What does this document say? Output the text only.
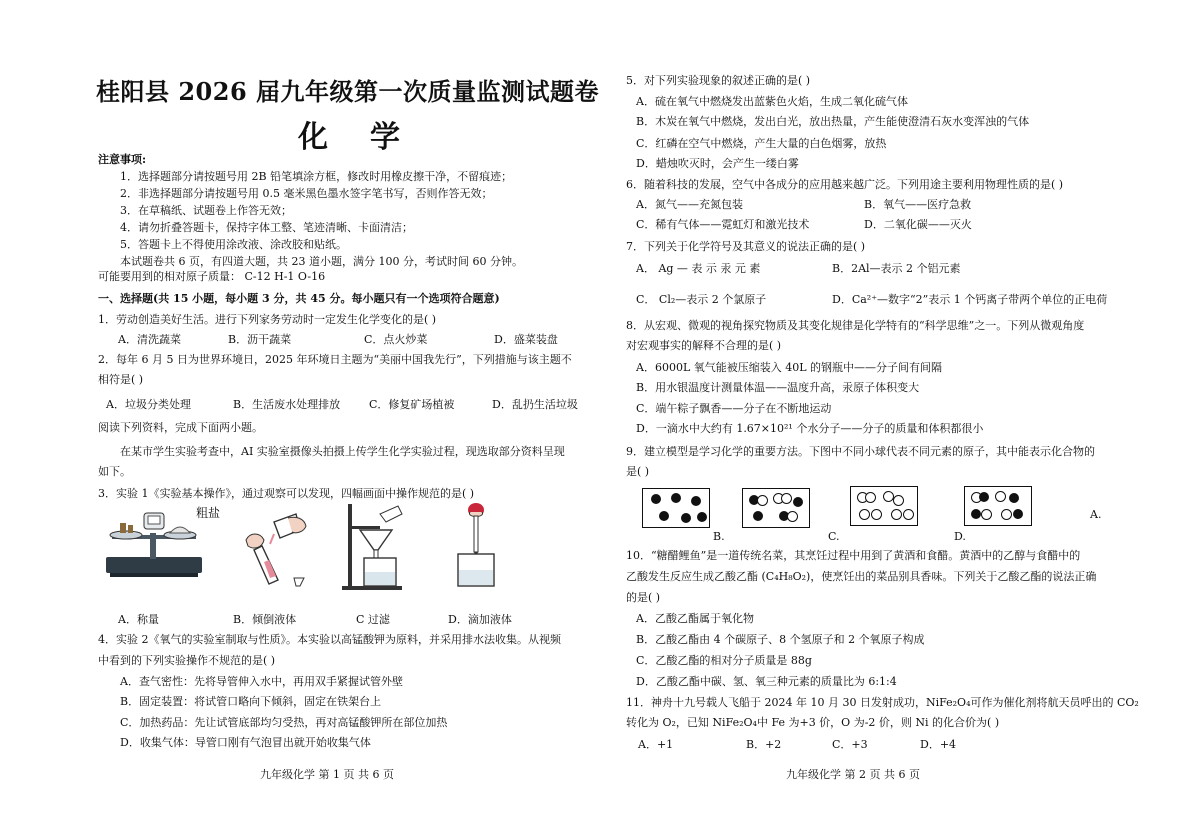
桂阳县 2026 届九年级第一次质量监测试题卷
化学
注意事项:
1．选择题部分请按题号用 2B 铅笔填涂方框，修改时用橡皮擦干净，不留痕迹；
2．非选择题部分请按题号用 0.5 毫米黑色墨水签字笔书写，否则作答无效；
3．在草稿纸、试题卷上作答无效；
4．请勿折叠答题卡，保持字体工整、笔迹清晰、卡面清洁；
5．答题卡上不得使用涂改液、涂改胶和贴纸。
本试题卷共 6 页，有四道大题，共 23 道小题，满分 100 分，考试时间 60 分钟。
可能要用到的相对原子质量： C-12 H-1 O-16
一、选择题(共 15 小题，每小题 3 分，共 45 分。每小题只有一个选项符合题意)
1．劳动创造美好生活。进行下列家务劳动时一定发生化学变化的是( )
A．清洗蔬菜	B．沥干蔬菜	C．点火炒菜	D．盛菜装盘
2．每年 6 月 5 日为世界环境日，2025 年环境日主题为“美丽中国我先行”，下列措施与该主题不
相符是( )
A．垃圾分类处理	B．生活废水处理排放	C．修复矿场植被	D．乱扔生活垃圾
阅读下列资料，完成下面两小题。
在某市学生实验考查中，AI 实验室摄像头拍摄上传学生化学实验过程，现选取部分资料呈现
如下。
3．实验 1《实验基本操作》，通过观察可以发现，四幅画面中操作规范的是( )
粗盐
A．称量	B．倾倒液体	C 过滤	D．滴加液体
4．实验 2《氧气的实验室制取与性质》。本实验以高锰酸钾为原料，并采用排水法收集。从视频
中看到的下列实验操作不规范的是( )
A．查气密性：先将导管伸入水中，再用双手紧握试管外壁
B．固定装置：将试管口略向下倾斜，固定在铁架台上
C．加热药品：先让试管底部均匀受热，再对高锰酸钾所在部位加热
D．收集气体：导管口刚有气泡冒出就开始收集气体
九年级化学 第 1 页 共 6 页
5．对下列实验现象的叙述正确的是( )
A．硫在氧气中燃烧发出蓝紫色火焰，生成二氧化硫气体
B．木炭在氧气中燃烧，发出白光，放出热量，产生能使澄清石灰水变浑浊的气体
C．红磷在空气中燃烧，产生大量的白色烟雾，放热
D．蜡烛吹灭时，会产生一缕白雾
6．随着科技的发展，空气中各成分的应用越来越广泛。下列用途主要利用物理性质的是( )
A．氮气——充氮包装	B．氧气——医疗急救
C．稀有气体——霓虹灯和激光技术	D．二氧化碳——灭火
7．下列关于化学符号及其意义的说法正确的是( )
A． Ag — 表 示 汞 元 素	B．2Al—表示 2 个铝元素
C． Cl₂—表示 2 个氯原子	D．Ca²⁺—数字“2”表示 1 个钙离子带两个单位的正电荷
8．从宏观、微观的视角探究物质及其变化规律是化学特有的“科学思维”之一。下列从微观角度
对宏观事实的解释不合理的是( )
A．6000L 氧气能被压缩装入 40L 的钢瓶中——分子间有间隔
B．用水银温度计测量体温——温度升高，汞原子体积变大
C．端午粽子飘香——分子在不断地运动
D．一滴水中大约有 1.67×10²¹ 个水分子——分子的质量和体积都很小
9．建立模型是学习化学的重要方法。下图中不同小球代表不同元素的原子，其中能表示化合物的
是( )
A.
B.	C.	D.
10．“糖醋鲤鱼”是一道传统名菜，其烹饪过程中用到了黄酒和食醋。黄酒中的乙醇与食醋中的
乙酸发生反应生成乙酸乙酯 (C₄H₈O₂)，使烹饪出的菜品别具香味。下列关于乙酸乙酯的说法正确
的是( )
A．乙酸乙酯属于氧化物
B．乙酸乙酯由 4 个碳原子、8 个氢原子和 2 个氧原子构成
C．乙酸乙酯的相对分子质量是 88g
D．乙酸乙酯中碳、氢、氧三种元素的质量比为 6:1:4
11．神舟十九号载人飞船于 2024 年 10 月 30 日发射成功，NiFe₂O₄可作为催化剂将航天员呼出的 CO₂
转化为 O₂，已知 NiFe₂O₄中 Fe 为+3 价，O 为-2 价，则 Ni 的化合价为( )
A．+1	B．+2	C．+3	D．+4
九年级化学 第 2 页 共 6 页
